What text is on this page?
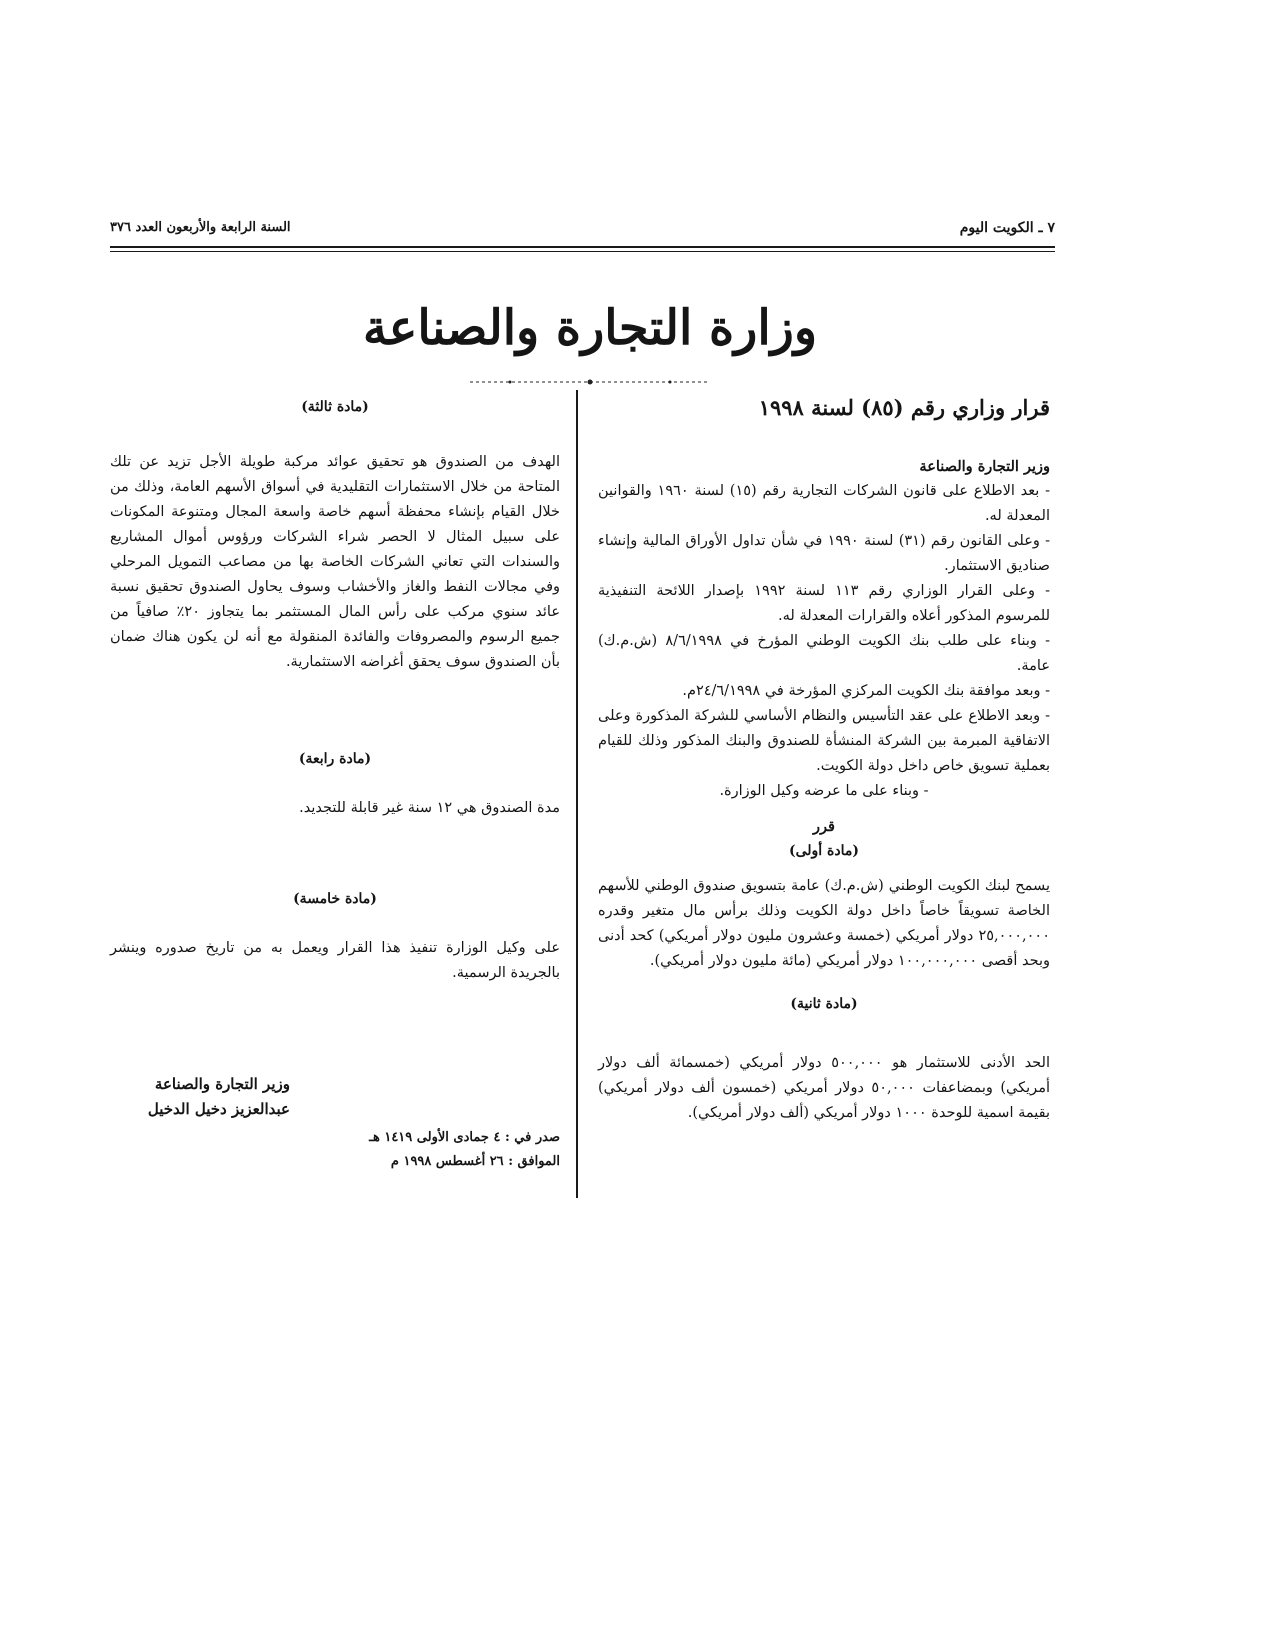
٧ ـ الكويت اليوم
السنة الرابعة والأربعون العدد ٣٧٦
وزارة التجارة والصناعة
قرار وزاري رقم (٨٥) لسنة ١٩٩٨

وزير التجارة والصناعة

- بعد الاطلاع على قانون الشركات التجارية رقم (١٥) لسنة ١٩٦٠ والقوانين المعدلة له.

- وعلى القانون رقم (٣١) لسنة ١٩٩٠ في شأن تداول الأوراق المالية وإنشاء صناديق الاستثمار.

- وعلى القرار الوزاري رقم ١١٣ لسنة ١٩٩٢ بإصدار اللائحة التنفيذية للمرسوم المذكور أعلاه والقرارات المعدلة له.

- وبناء على طلب بنك الكويت الوطني المؤرخ في ٨/٦/١٩٩٨ (ش.م.ك) عامة.

- وبعد موافقة بنك الكويت المركزي المؤرخة في ٢٤/٦/١٩٩٨م.

- وبعد الاطلاع على عقد التأسيس والنظام الأساسي للشركة المذكورة وعلى الاتفاقية المبرمة بين الشركة المنشأة للصندوق والبنك المذكور وذلك للقيام بعملية تسويق خاص داخل دولة الكويت.

- وبناء على ما عرضه وكيل الوزارة.

قرر

(مادة أولى)

يسمح لبنك الكويت الوطني (ش.م.ك) عامة بتسويق صندوق الوطني للأسهم الخاصة تسويقاً خاصاً داخل دولة الكويت وذلك برأس مال متغير وقدره ٢٥,٠٠٠,٠٠٠ دولار أمريكي (خمسة وعشرون مليون دولار أمريكي) كحد أدنى وبحد أقصى ١٠٠,٠٠٠,٠٠٠ دولار أمريكي (مائة مليون دولار أمريكي).

(مادة ثانية)

الحد الأدنى للاستثمار هو ٥٠٠,٠٠٠ دولار أمريكي (خمسمائة ألف دولار أمريكي) وبمضاعفات ٥٠,٠٠٠ دولار أمريكي (خمسون ألف دولار أمريكي) بقيمة اسمية للوحدة ١٠٠٠ دولار أمريكي (ألف دولار أمريكي).

(مادة ثالثة)

الهدف من الصندوق هو تحقيق عوائد مركبة طويلة الأجل تزيد عن تلك المتاحة من خلال الاستثمارات التقليدية في أسواق الأسهم العامة، وذلك من خلال القيام بإنشاء محفظة أسهم خاصة واسعة المجال ومتنوعة المكونات على سبيل المثال لا الحصر شراء الشركات ورؤوس أموال المشاريع والسندات التي تعاني الشركات الخاصة بها من مصاعب التمويل المرحلي وفي مجالات النفط والغاز والأخشاب وسوف يحاول الصندوق تحقيق نسبة عائد سنوي مركب على رأس المال المستثمر بما يتجاوز ٢٠٪ صافياً من جميع الرسوم والمصروفات والفائدة المنقولة مع أنه لن يكون هناك ضمان بأن الصندوق سوف يحقق أغراضه الاستثمارية.

(مادة رابعة)

مدة الصندوق هي ١٢ سنة غير قابلة للتجديد.

(مادة خامسة)

على وكيل الوزارة تنفيذ هذا القرار ويعمل به من تاريخ صدوره وينشر بالجريدة الرسمية.

وزير التجارة والصناعة
عبدالعزيز دخيل الدخيل
صدر في : ٤ جمادى الأولى ١٤١٩ هـ
الموافق : ٢٦ أغسطس ١٩٩٨ م
